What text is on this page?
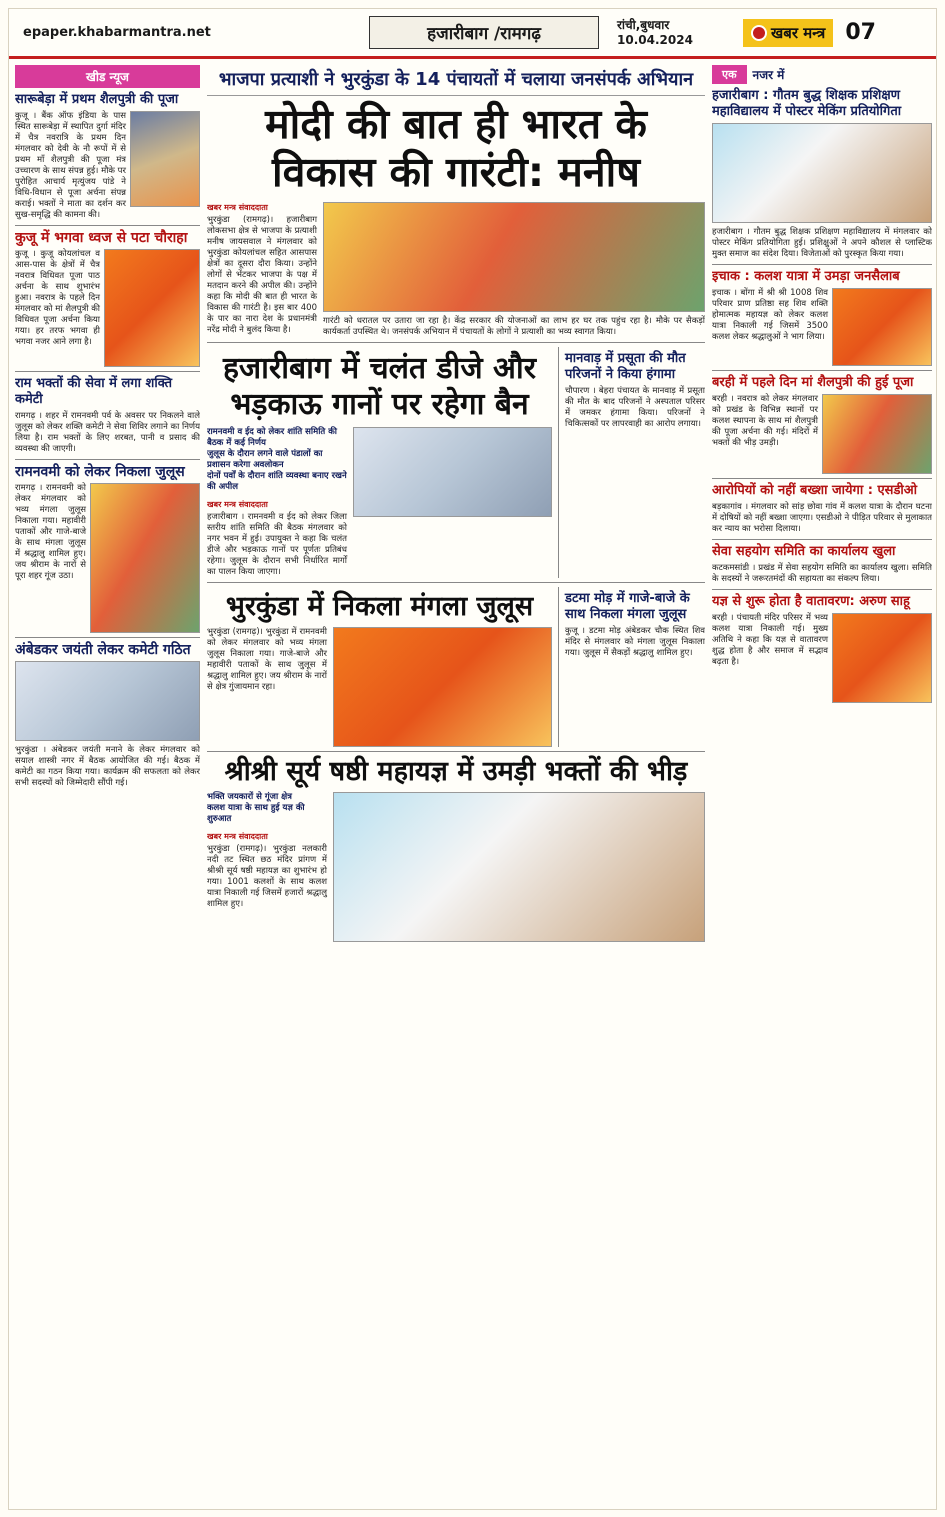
epaper.khabarmantra.net	हजारीबाग /रामगढ़	रांची,बुधवार
10.04.2024	खबर मन्त्र 07
खीड न्यूज
सारूबेड़ा में प्रथम शैलपुत्री की पूजा
कुजू । बैंक ऑफ इंडिया के पास स्थित सारूबेड़ा में स्थापित दुर्गा मंदिर में चैत्र नवरात्रि के प्रथम दिन मंगलवार को देवी के नौ रूपों में से प्रथम माँ शैलपुत्री की पूजा मंत्र उच्चारण के साथ संपन्न हुई। मौके पर पुरोहित आचार्य मृत्युंजय पांडे ने विधि-विधान से पूजा अर्चना संपन्न कराई। भक्तों ने माता का दर्शन कर सुख-समृद्धि की कामना की।
कुजू में भगवा ध्वज से पटा चौराहा
कुजू । कुजू कोयलांचल व आस-पास के क्षेत्रों में चैत्र नवरात्र विधिवत पूजा पाठ अर्चना के साथ शुभारंभ हुआ। नवरात्र के पहले दिन मंगलवार को मां शैलपुत्री की विधिवत पूजा अर्चना किया गया। हर तरफ भगवा ही भगवा नजर आने लगा है।
राम भक्तों की सेवा में लगा शक्ति कमेटी
रामगढ़ । शहर में रामनवमी पर्व के अवसर पर निकलने वाले जुलूस को लेकर शक्ति कमेटी ने सेवा शिविर लगाने का निर्णय लिया है। राम भक्तों के लिए शरबत, पानी व प्रसाद की व्यवस्था की जाएगी।
रामनवमी को लेकर निकला जुलूस
रामगढ़ । रामनवमी को लेकर मंगलवार को भव्य मंगला जुलूस निकाला गया। महावीरी पताकों और गाजे-बाजे के साथ मंगला जुलूस में श्रद्धालु शामिल हुए। जय श्रीराम के नारों से पूरा शहर गूंज उठा।
अंबेडकर जयंती लेकर कमेटी गठित
भुरकुंडा । अंबेडकर जयंती मनाने के लेकर मंगलवार को सयाल शास्त्री नगर में बैठक आयोजित की गई। बैठक में कमेटी का गठन किया गया। कार्यक्रम की सफलता को लेकर सभी सदस्यों को जिम्मेदारी सौंपी गई।
भाजपा प्रत्याशी ने भुरकुंडा के 14 पंचायतों में चलाया जनसंपर्क अभियान
मोदी की बात ही भारत के विकास की गारंटी: मनीष
खबर मन्त्र संवाददाता
भुरकुंडा (रामगढ़)। हजारीबाग लोकसभा क्षेत्र से भाजपा के प्रत्याशी मनीष जायसवाल ने मंगलवार को भुरकुंडा कोयलांचल सहित आसपास क्षेत्रों का दूसरा दौरा किया। उन्होंने लोगों से भेंटकर भाजपा के पक्ष में मतदान करने की अपील की। उन्होंने कहा कि मोदी की बात ही भारत के विकास की गारंटी है। इस बार 400 के पार का नारा देश के प्रधानमंत्री नरेंद्र मोदी ने बुलंद किया है।
गारंटी को धरातल पर उतारा जा रहा है। केंद्र सरकार की योजनाओं का लाभ हर घर तक पहुंच रहा है। मौके पर सैकड़ों कार्यकर्ता उपस्थित थे। जनसंपर्क अभियान में पंचायतों के लोगों ने प्रत्याशी का भव्य स्वागत किया।
हजारीबाग में चलंत डीजे और भड़काऊ गानों पर रहेगा बैन
रामनवमी व ईद को लेकर शांति समिति की बैठक में कई निर्णय
जुलूस के दौरान लगने वाले पंडालों का प्रशासन करेगा अवलोकन
दोनों पर्वों के दौरान शांति व्यवस्था बनाए रखने की अपील
खबर मन्त्र संवाददाता
हजारीबाग । रामनवमी व ईद को लेकर जिला स्तरीय शांति समिति की बैठक मंगलवार को नगर भवन में हुई। उपायुक्त ने कहा कि चलंत डीजे और भड़काऊ गानों पर पूर्णतः प्रतिबंध रहेगा। जुलूस के दौरान सभी निर्धारित मार्गों का पालन किया जाएगा।
मानवाड़ में प्रसूता की मौत परिजनों ने किया हंगामा
चौपारण । बेहरा पंचायत के मानवाड़ में प्रसूता की मौत के बाद परिजनों ने अस्पताल परिसर में जमकर हंगामा किया। परिजनों ने चिकित्सकों पर लापरवाही का आरोप लगाया।
भुरकुंडा में निकला मंगला जुलूस
भुरकुंडा (रामगढ़)। भुरकुंडा में रामनवमी को लेकर मंगलवार को भव्य मंगला जुलूस निकाला गया। गाजे-बाजे और महावीरी पताकों के साथ जुलूस में श्रद्धालु शामिल हुए। जय श्रीराम के नारों से क्षेत्र गुंजायमान रहा।
डटमा मोड़ में गाजे-बाजे के साथ निकला मंगला जुलूस
कुजू । डटमा मोड़ अंबेडकर चौक स्थित शिव मंदिर से मंगलवार को मंगला जुलूस निकाला गया। जुलूस में सैकड़ों श्रद्धालु शामिल हुए।
श्रीश्री सूर्य षष्ठी महायज्ञ में उमड़ी भक्तों की भीड़
भक्ति जयकारों से गूंजा क्षेत्र
कलश यात्रा के साथ हुई यज्ञ की शुरुआत
खबर मन्त्र संवाददाता
भुरकुंडा (रामगढ़)। भुरकुंडा नलकारी नदी तट स्थित छठ मंदिर प्रांगण में श्रीश्री सूर्य षष्ठी महायज्ञ का शुभारंभ हो गया। 1001 कलशों के साथ कलश यात्रा निकाली गई जिसमें हजारों श्रद्धालु शामिल हुए।
एक	नजर में
हजारीबाग : गौतम बुद्ध शिक्षक प्रशिक्षण महाविद्यालय में पोस्टर मेकिंग प्रतियोगिता
हजारीबाग । गौतम बुद्ध शिक्षक प्रशिक्षण महाविद्यालय में मंगलवार को पोस्टर मेकिंग प्रतियोगिता हुई। प्रशिक्षुओं ने अपने कौशल से प्लास्टिक मुक्त समाज का संदेश दिया। विजेताओं को पुरस्कृत किया गया।
इचाक : कलश यात्रा में उमड़ा जनसैलाब
इचाक । बोंगा में श्री श्री 1008 शिव परिवार प्राण प्रतिष्ठा सह शिव शक्ति होमात्मक महायज्ञ को लेकर कलश यात्रा निकाली गई जिसमें 3500 कलश लेकर श्रद्धालुओं ने भाग लिया।
बरही में पहले दिन मां शैलपुत्री की हुई पूजा
बरही । नवरात्र को लेकर मंगलवार को प्रखंड के विभिन्न स्थानों पर कलश स्थापना के साथ मां शैलपुत्री की पूजा अर्चना की गई। मंदिरों में भक्तों की भीड़ उमड़ी।
आरोपियों को नहीं बख्शा जायेगा : एसडीओ
बड़कागांव । मंगलवार को सांड़ छोवा गांव में कलश यात्रा के दौरान घटना में दोषियों को नहीं बख्शा जाएगा। एसडीओ ने पीड़ित परिवार से मुलाकात कर न्याय का भरोसा दिलाया।
सेवा सहयोग समिति का कार्यालय खुला
कटकमसांडी । प्रखंड में सेवा सहयोग समिति का कार्यालय खुला। समिति के सदस्यों ने जरूरतमंदों की सहायता का संकल्प लिया।
यज्ञ से शुरू होता है वातावरण: अरुण साहू
बरही । पंचायती मंदिर परिसर में भव्य कलश यात्रा निकाली गई। मुख्य अतिथि ने कहा कि यज्ञ से वातावरण शुद्ध होता है और समाज में सद्भाव बढ़ता है।
